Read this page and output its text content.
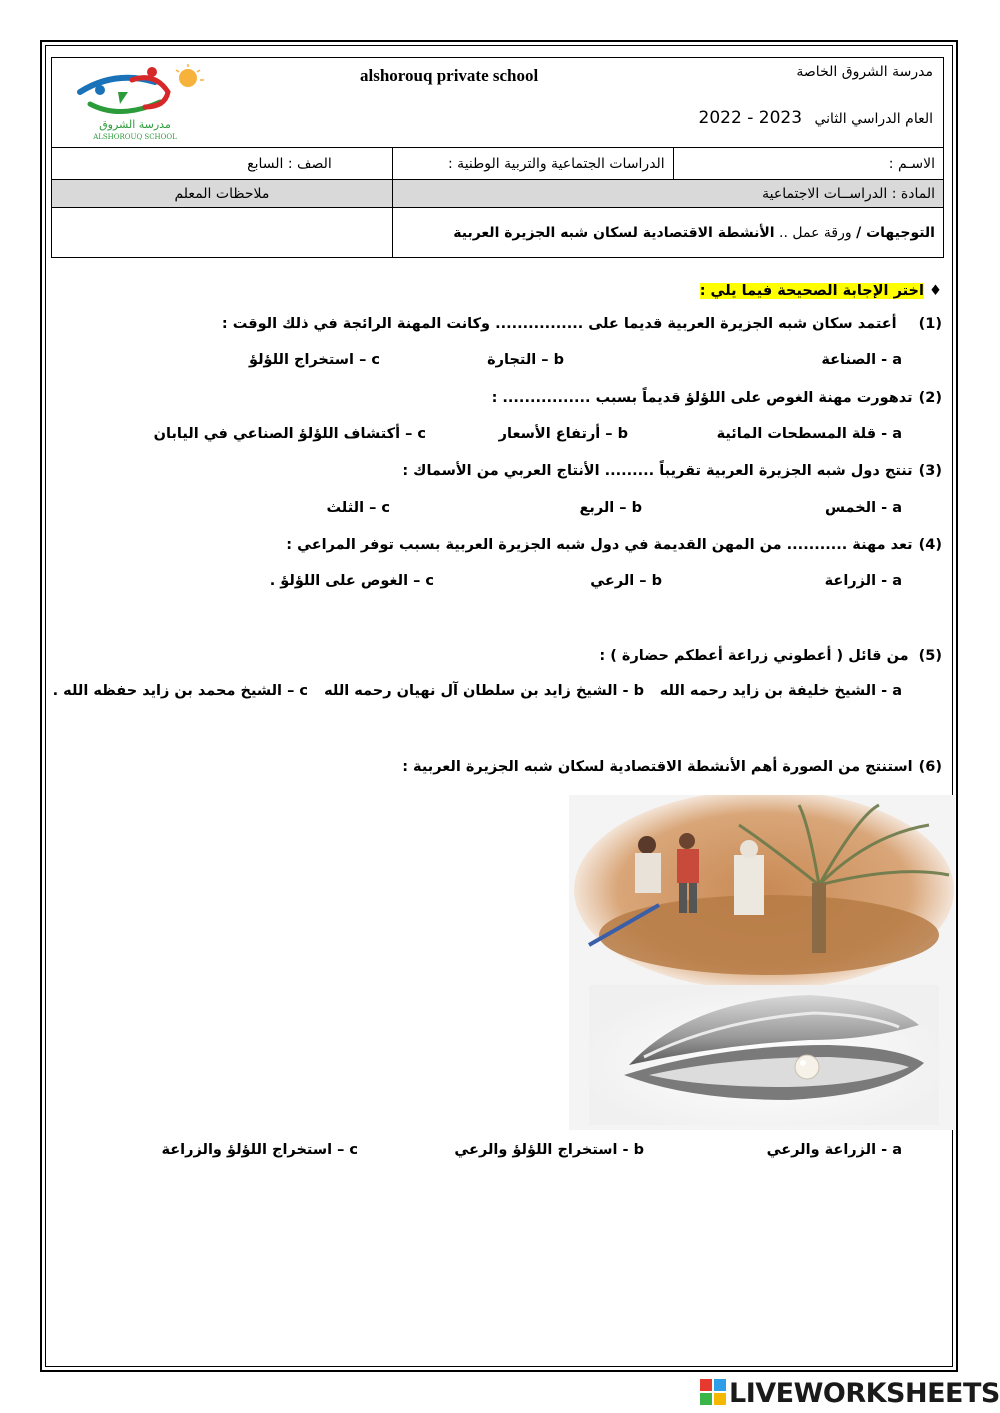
مدرسة الشروق الخاصة
العام الدراسي الثاني 2022 - 2023
alshorouq private school		

الاسـم :	الدراسات الجتماعية والتربية الوطنية :	الصف : السابع
المادة : الدراســات الاجتماعية		ملاحظات المعلم
التوجيهات / ورقة عمل .. الأنشطة الاقتصادية لسكان شبه الجزيرة العربية		
مدرسة الشروق
ALSHOROUQ SCHOOL
♦ اختر الإجابة الصحيحة فيما يلي :
(1)أعتمد سكان شبه الجزيرة العربية قديما على ................ وكانت المهنة الرائجة في ذلك الوقت :
a - الصناعة
b – التجارة
c – استخراج اللؤلؤ
(2)تدهورت مهنة الغوص على اللؤلؤ قديماً بسبب ................ :
a - قلة المسطحات المائية
b – أرتفاع الأسعار
c – أكتشاف اللؤلؤ الصناعي في اليابان
(3)تنتج دول شبه الجزيرة العربية تقريباً ......... الأنتاج العربي من الأسماك :
a - الخمس
b – الربع
c – الثلث
(4)تعد مهنة ........... من المهن القديمة في دول شبه الجزيرة العربية بسبب توفر المراعي :
a - الزراعة
b – الرعي
c – الغوص على اللؤلؤ .
(5)من قائل ( أعطوني زراعة أعطكم حضارة ) :
a - الشيخ خليفة بن زايد رحمه الله
b - الشيخ زايد بن سلطان آل نهيان رحمه الله
c – الشيخ محمد بن زايد حفظه الله .
(6)استنتج من الصورة أهم الأنشطة الاقتصادية لسكان شبه الجزيرة العربية :
a - الزراعة والرعي
b - استخراج اللؤلؤ والرعي
c – استخراج اللؤلؤ والزراعة
LIVEWORKSHEETS
